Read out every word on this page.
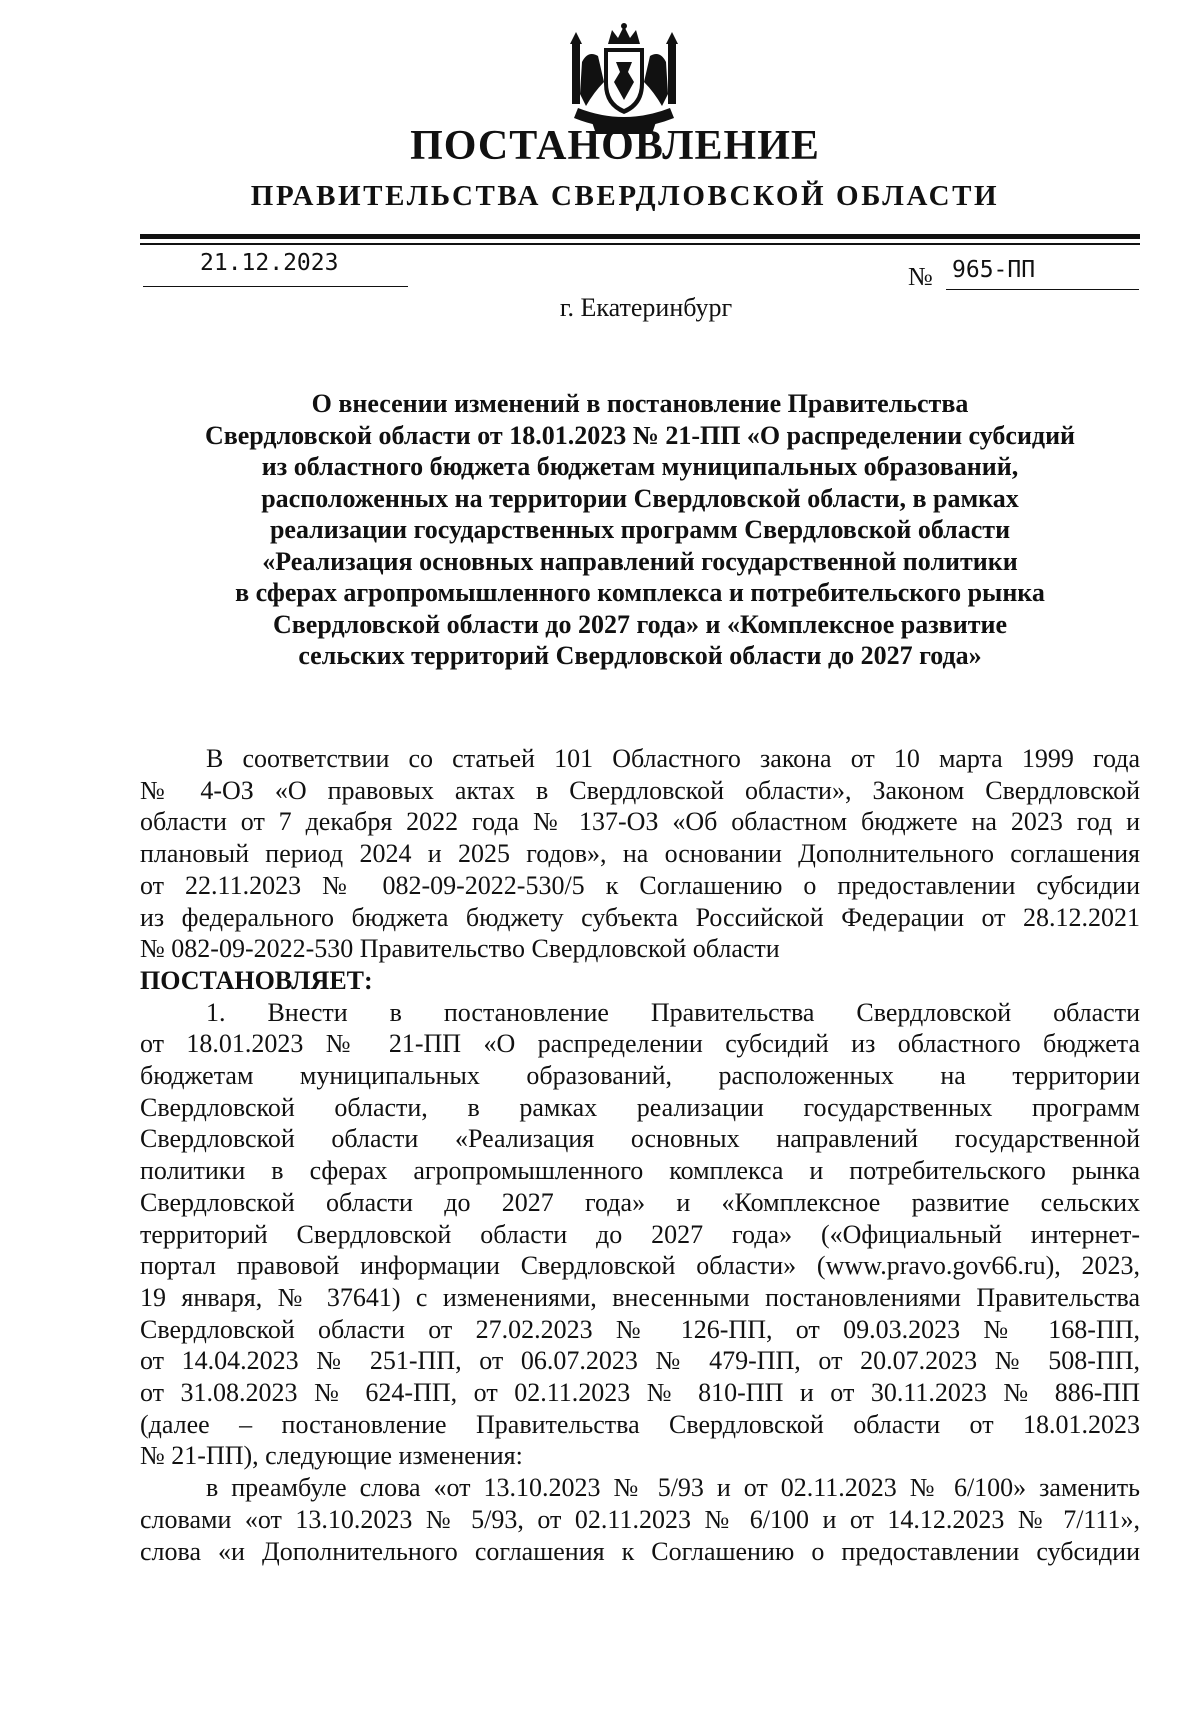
ПОСТАНОВЛЕНИЕ
ПРАВИТЕЛЬСТВА СВЕРДЛОВСКОЙ ОБЛАСТИ
21.12.2023	№ 965-ПП
г. Екатеринбург
О внесении изменений в постановление Правительства
Свердловской области от 18.01.2023 № 21-ПП «О распределении субсидий
из областного бюджета бюджетам муниципальных образований,
расположенных на территории Свердловской области, в рамках
реализации государственных программ Свердловской области
«Реализация основных направлений государственной политики
в сферах агропромышленного комплекса и потребительского рынка
Свердловской области до 2027 года» и «Комплексное развитие
сельских территорий Свердловской области до 2027 года»
В соответствии со статьей 101 Областного закона от 10 марта 1999 года
№ 4-ОЗ «О правовых актах в Свердловской области», Законом Свердловской
области от 7 декабря 2022 года № 137-ОЗ «Об областном бюджете на 2023 год и
плановый период 2024 и 2025 годов», на основании Дополнительного соглашения
от 22.11.2023 № 082-09-2022-530/5 к Соглашению о предоставлении субсидии
из федерального бюджета бюджету субъекта Российской Федерации от 28.12.2021
№ 082-09-2022-530 Правительство Свердловской области
ПОСТАНОВЛЯЕТ:
1. Внести в постановление Правительства Свердловской области
от 18.01.2023 № 21-ПП «О распределении субсидий из областного бюджета
бюджетам муниципальных образований, расположенных на территории
Свердловской области, в рамках реализации государственных программ
Свердловской области «Реализация основных направлений государственной
политики в сферах агропромышленного комплекса и потребительского рынка
Свердловской области до 2027 года» и «Комплексное развитие сельских
территорий Свердловской области до 2027 года» («Официальный интернет-
портал правовой информации Свердловской области» (www.pravo.gov66.ru), 2023,
19 января, № 37641) с изменениями, внесенными постановлениями Правительства
Свердловской области от 27.02.2023 № 126-ПП, от 09.03.2023 № 168-ПП,
от 14.04.2023 № 251-ПП, от 06.07.2023 № 479-ПП, от 20.07.2023 № 508-ПП,
от 31.08.2023 № 624-ПП, от 02.11.2023 № 810-ПП и от 30.11.2023 № 886-ПП
(далее – постановление Правительства Свердловской области от 18.01.2023
№ 21-ПП), следующие изменения:
в преамбуле слова «от 13.10.2023 № 5/93 и от 02.11.2023 № 6/100» заменить
словами «от 13.10.2023 № 5/93, от 02.11.2023 № 6/100 и от 14.12.2023 № 7/111»,
слова «и Дополнительного соглашения к Соглашению о предоставлении субсидии
